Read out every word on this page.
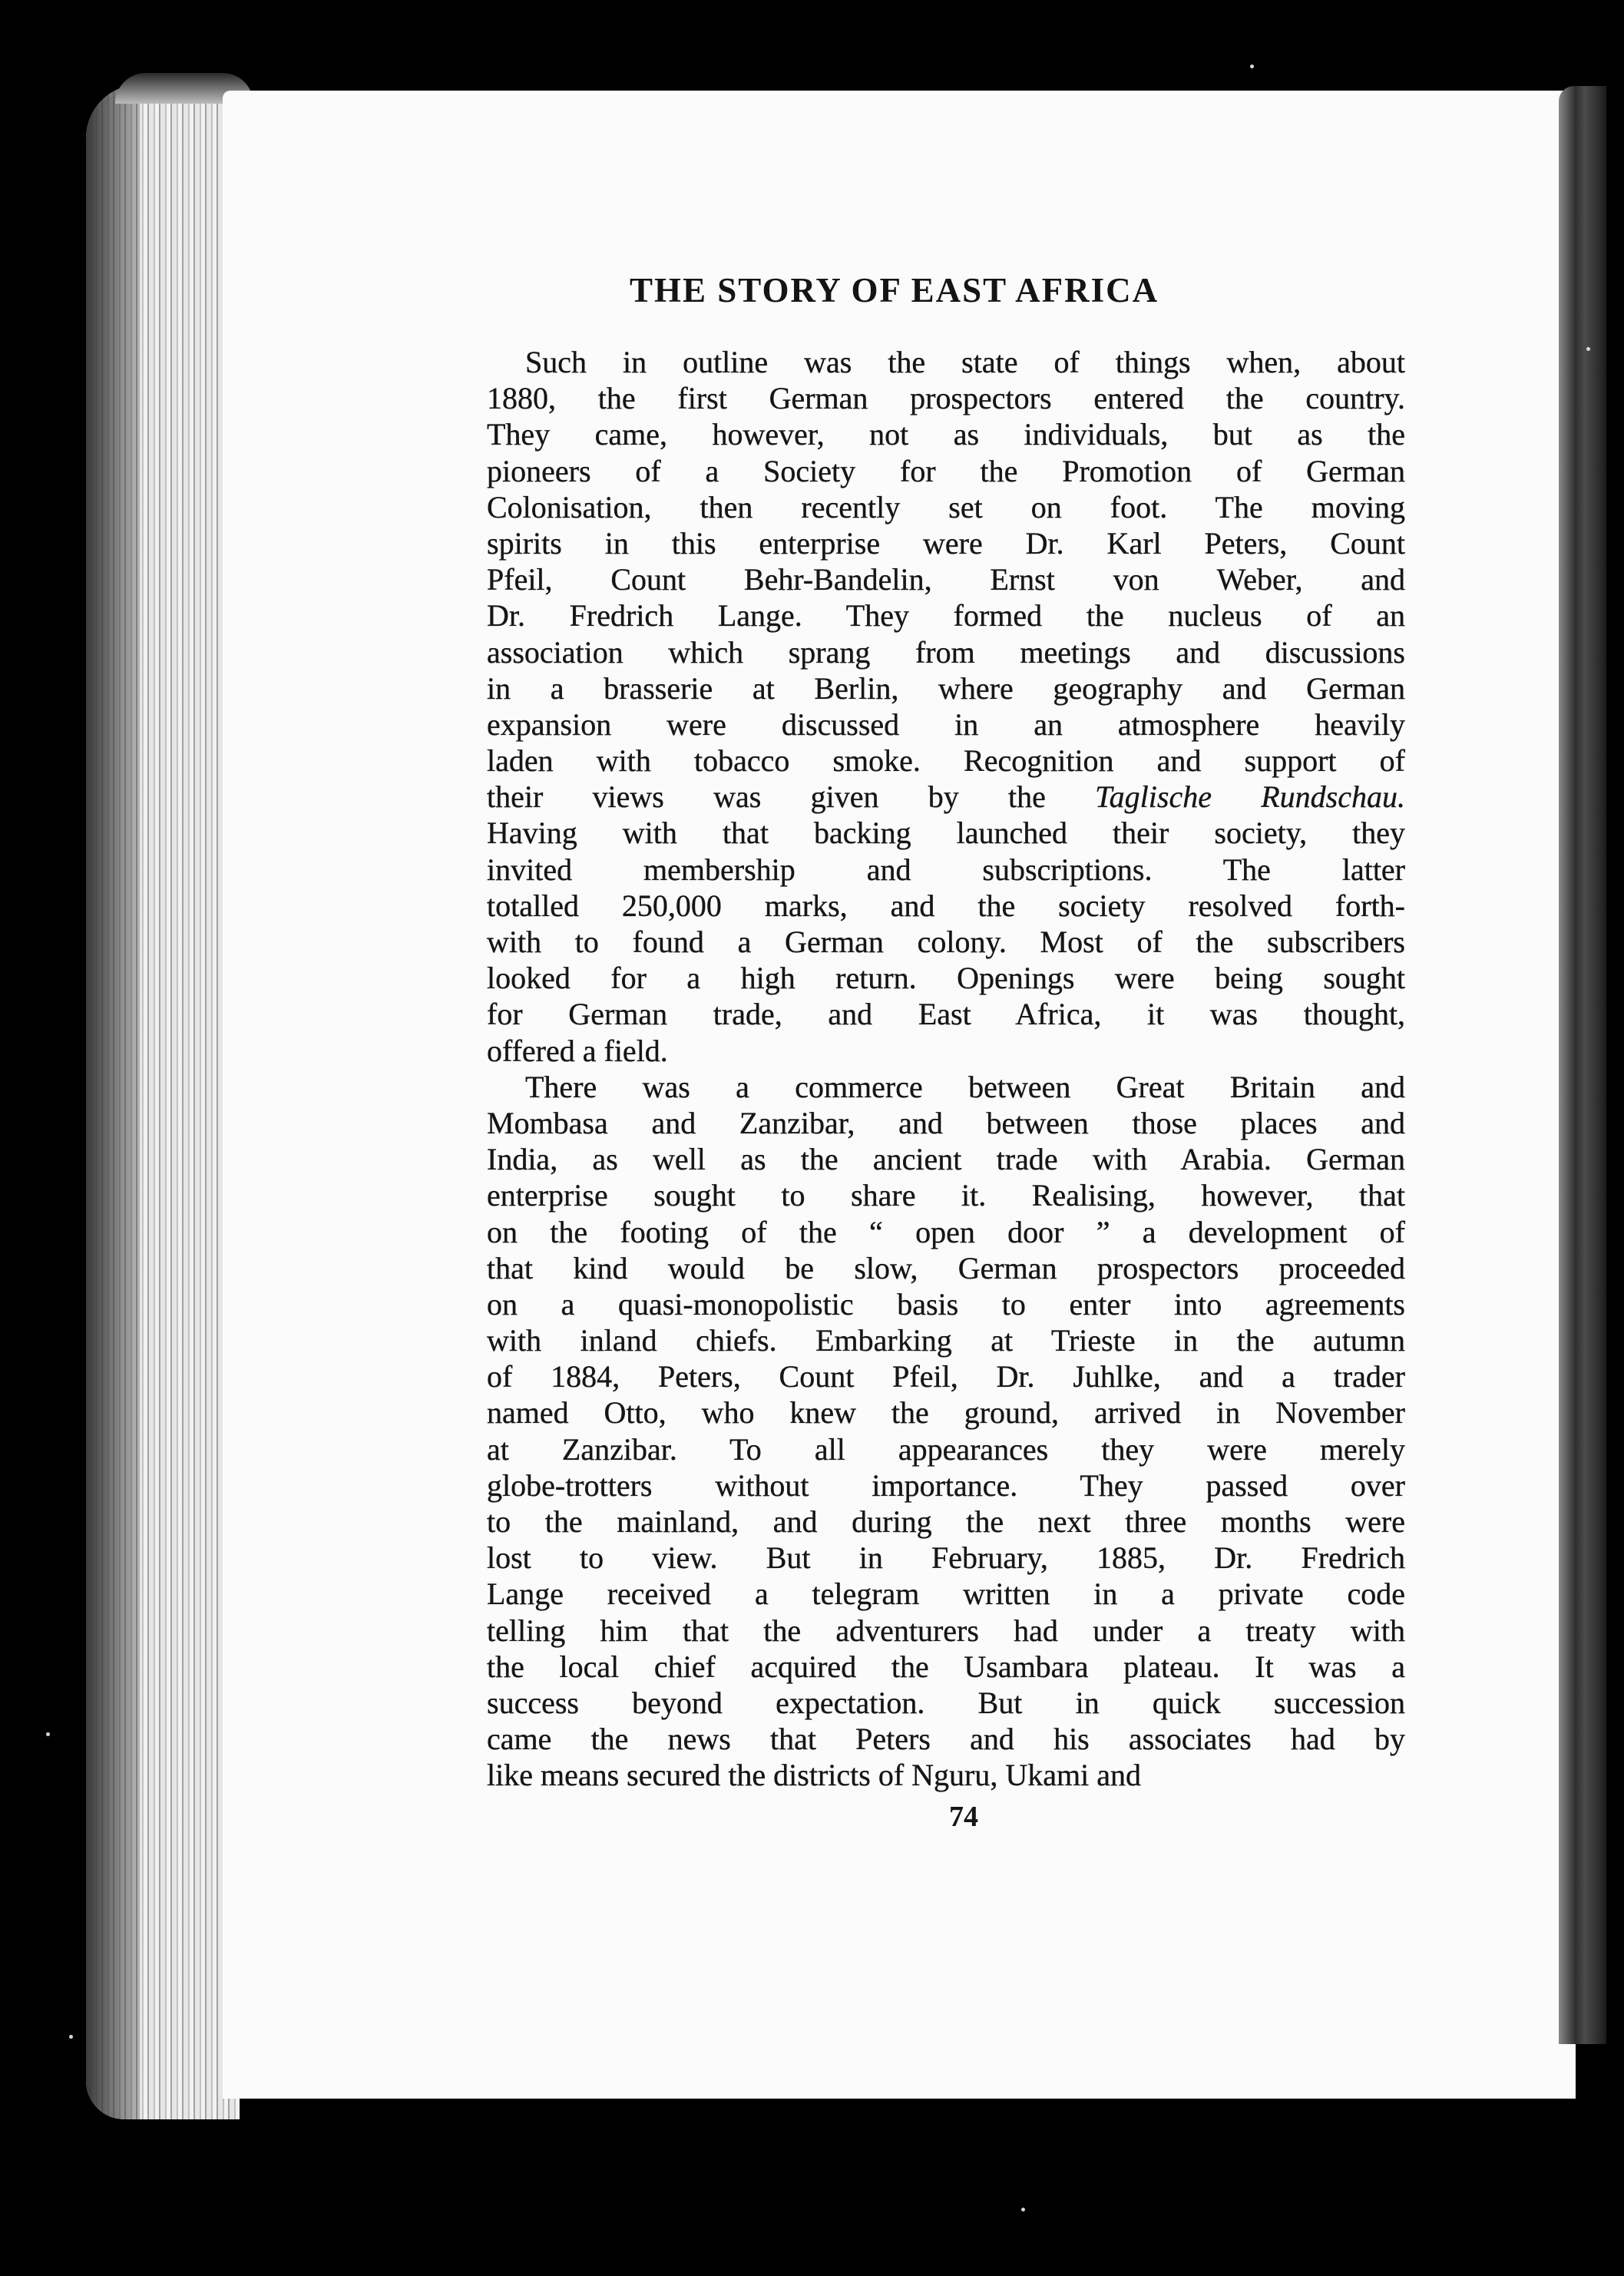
THE STORY OF EAST AFRICA
Such in outline was the state of things when, about
1880, the first German prospectors entered the country.
They came, however, not as individuals, but as the
pioneers of a Society for the Promotion of German
Colonisation, then recently set on foot. The moving
spirits in this enterprise were Dr. Karl Peters, Count
Pfeil, Count Behr-Bandelin, Ernst von Weber, and
Dr. Fredrich Lange. They formed the nucleus of an
association which sprang from meetings and discussions
in a brasserie at Berlin, where geography and German
expansion were discussed in an atmosphere heavily
laden with tobacco smoke. Recognition and support of
their views was given by the Taglische Rundschau.
Having with that backing launched their society, they
invited membership and subscriptions. The latter
totalled 250,000 marks, and the society resolved forth-
with to found a German colony. Most of the subscribers
looked for a high return. Openings were being sought
for German trade, and East Africa, it was thought,
offered a field.
There was a commerce between Great Britain and
Mombasa and Zanzibar, and between those places and
India, as well as the ancient trade with Arabia. German
enterprise sought to share it. Realising, however, that
on the footing of the “ open door ” a development of
that kind would be slow, German prospectors proceeded
on a quasi-monopolistic basis to enter into agreements
with inland chiefs. Embarking at Trieste in the autumn
of 1884, Peters, Count Pfeil, Dr. Juhlke, and a trader
named Otto, who knew the ground, arrived in November
at Zanzibar. To all appearances they were merely
globe-trotters without importance. They passed over
to the mainland, and during the next three months were
lost to view. But in February, 1885, Dr. Fredrich
Lange received a telegram written in a private code
telling him that the adventurers had under a treaty with
the local chief acquired the Usambara plateau. It was a
success beyond expectation. But in quick succession
came the news that Peters and his associates had by
like means secured the districts of Nguru, Ukami and

74
